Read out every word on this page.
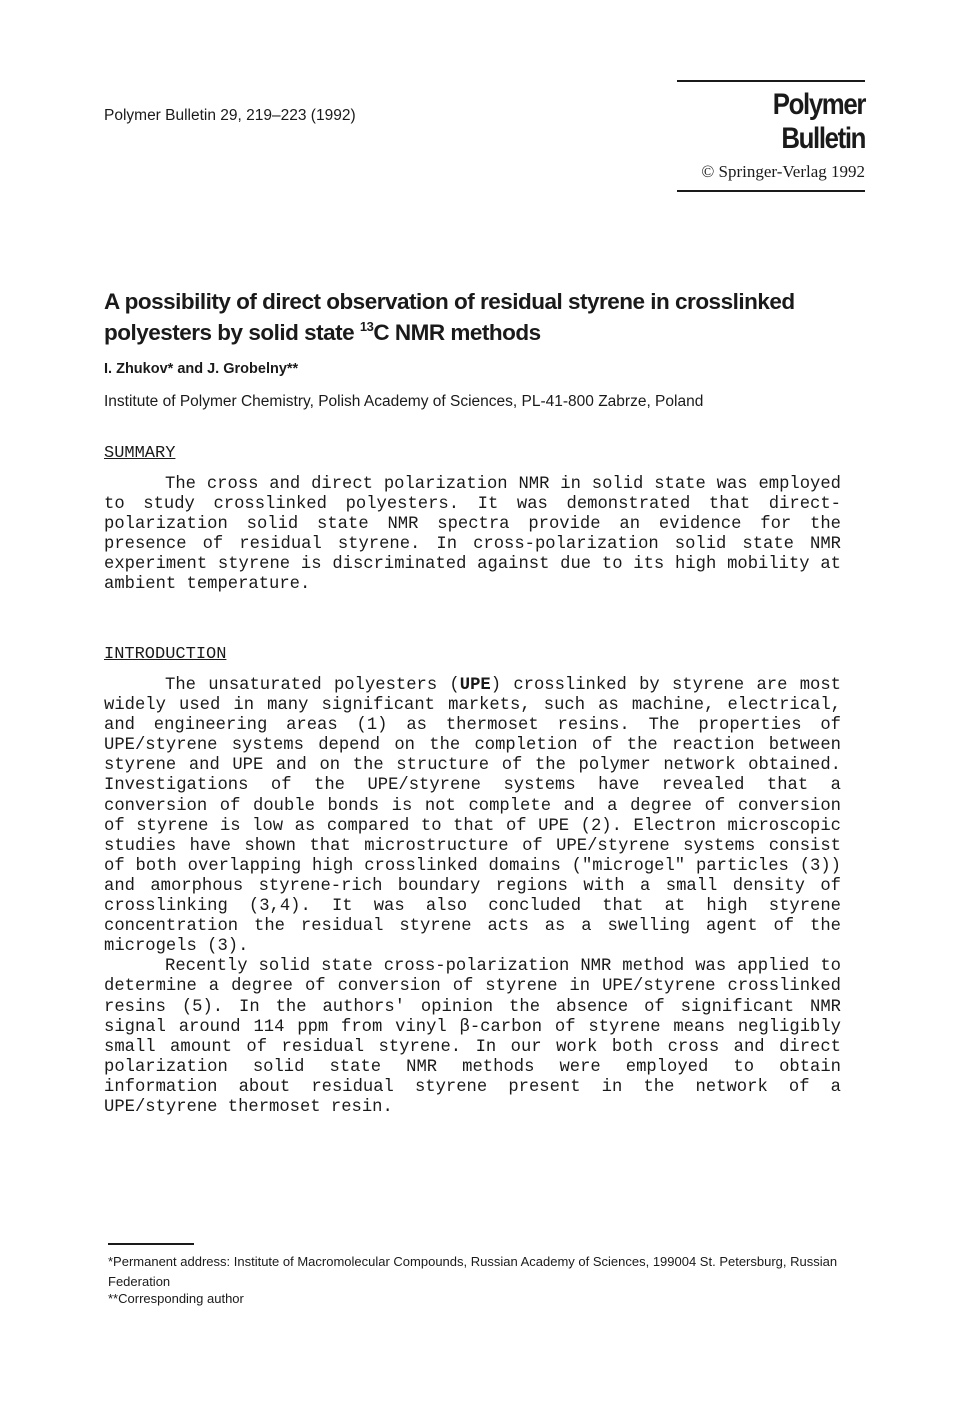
Polymer Bulletin 29, 219–223 (1992)	Polymer Bulletin
© Springer-Verlag 1992
A possibility of direct observation of residual styrene in crosslinked polyesters by solid state $^{13}$C NMR methods
I. Zhukov* and J. Grobelny**
Institute of Polymer Chemistry, Polish Academy of Sciences, PL-41-800 Zabrze, Poland
SUMMARY

The cross and direct polarization NMR in solid state was employed to study crosslinked polyesters. It was demonstrated that direct-polarization solid state NMR spectra provide an evidence for the presence of residual styrene. In cross-polarization solid state NMR experiment styrene is discriminated against due to its high mobility at ambient temperature.

INTRODUCTION

The unsaturated polyesters (UPE) crosslinked by styrene are most widely used in many significant markets, such as machine, electrical, and engineering areas (1) as thermoset resins. The properties of UPE/styrene systems depend on the completion of the reaction between styrene and UPE and on the structure of the polymer network obtained. Investigations of the UPE/styrene systems have revealed that a conversion of double bonds is not complete and a degree of conversion of styrene is low as compared to that of UPE (2). Electron microscopic studies have shown that microstructure of UPE/styrene systems consist of both overlapping high crosslinked domains ("microgel" particles (3)) and amorphous styrene-rich boundary regions with a small density of crosslinking (3,4). It was also concluded that at high styrene concentration the residual styrene acts as a swelling agent of the microgels (3).

Recently solid state cross-polarization NMR method was applied to determine a degree of conversion of styrene in UPE/styrene crosslinked resins (5). In the authors' opinion the absence of significant NMR signal around 114 ppm from vinyl β-carbon of styrene means negligibly small amount of residual styrene. In our work both cross and direct polarization solid state NMR methods were employed to obtain information about residual styrene present in the network of a UPE/styrene thermoset resin.

*Permanent address: Institute of Macromolecular Compounds, Russian Academy of Sciences, 199004 St. Petersburg, Russian Federation
**Corresponding author
